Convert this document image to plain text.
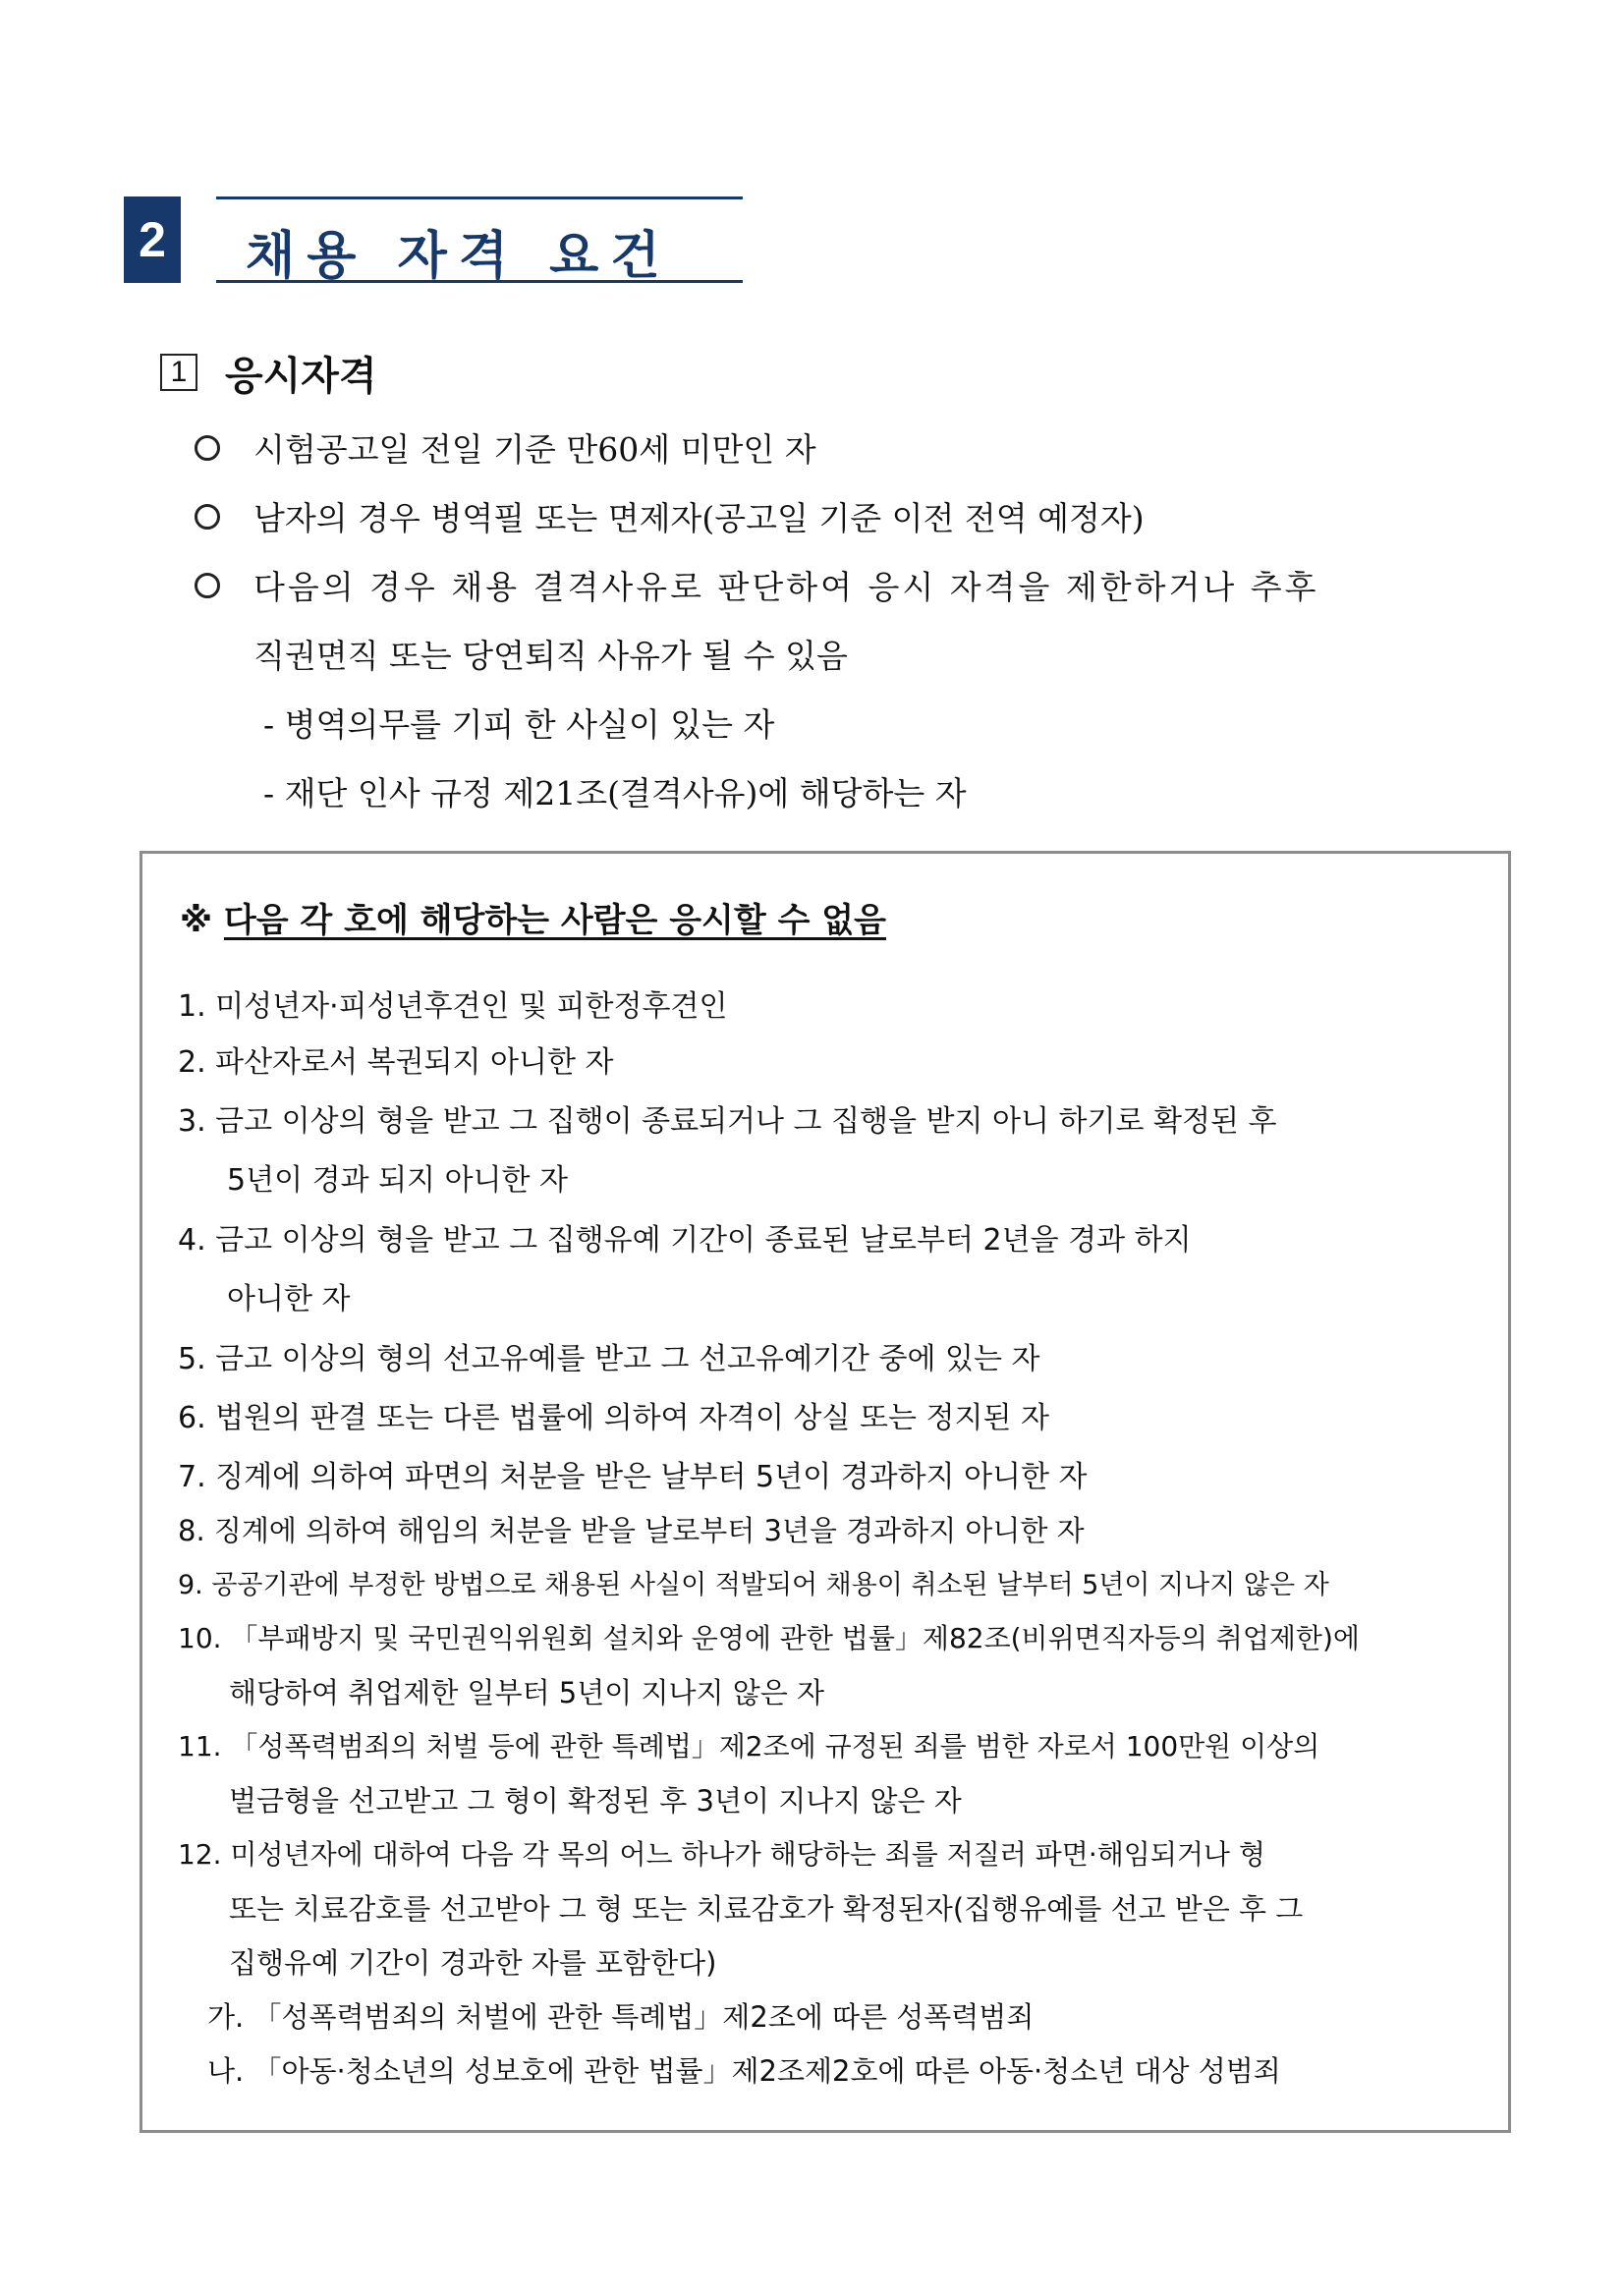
2 채용 자격 요건
1 응시자격
시험공고일 전일 기준 만60세 미만인 자
남자의 경우 병역필 또는 면제자(공고일 기준 이전 전역 예정자)
다음의 경우 채용 결격사유로 판단하여 응시 자격을 제한하거나 추후
직권면직 또는 당연퇴직 사유가 될 수 있음
- 병역의무를 기피 한 사실이 있는 자
- 재단 인사 규정 제21조(결격사유)에 해당하는 자
※ 다음 각 호에 해당하는 사람은 응시할 수 없음
1. 미성년자·피성년후견인 및 피한정후견인
2. 파산자로서 복권되지 아니한 자
3. 금고 이상의 형을 받고 그 집행이 종료되거나 그 집행을 받지 아니 하기로 확정된 후
5년이 경과 되지 아니한 자
4. 금고 이상의 형을 받고 그 집행유예 기간이 종료된 날로부터 2년을 경과 하지
아니한 자
5. 금고 이상의 형의 선고유예를 받고 그 선고유예기간 중에 있는 자
6. 법원의 판결 또는 다른 법률에 의하여 자격이 상실 또는 정지된 자
7. 징계에 의하여 파면의 처분을 받은 날부터 5년이 경과하지 아니한 자
8. 징계에 의하여 해임의 처분을 받을 날로부터 3년을 경과하지 아니한 자
9. 공공기관에 부정한 방법으로 채용된 사실이 적발되어 채용이 취소된 날부터 5년이 지나지 않은 자
10. 「부패방지 및 국민권익위원회 설치와 운영에 관한 법률」제82조(비위면직자등의 취업제한)에
해당하여 취업제한 일부터 5년이 지나지 않은 자
11. 「성폭력범죄의 처벌 등에 관한 특례법」제2조에 규정된 죄를 범한 자로서 100만원 이상의
벌금형을 선고받고 그 형이 확정된 후 3년이 지나지 않은 자
12. 미성년자에 대하여 다음 각 목의 어느 하나가 해당하는 죄를 저질러 파면·해임되거나 형
또는 치료감호를 선고받아 그 형 또는 치료감호가 확정된자(집행유예를 선고 받은 후 그
집행유예 기간이 경과한 자를 포함한다)
가. 「성폭력범죄의 처벌에 관한 특례법」제2조에 따른 성폭력범죄
나. 「아동·청소년의 성보호에 관한 법률」제2조제2호에 따른 아동·청소년 대상 성범죄
